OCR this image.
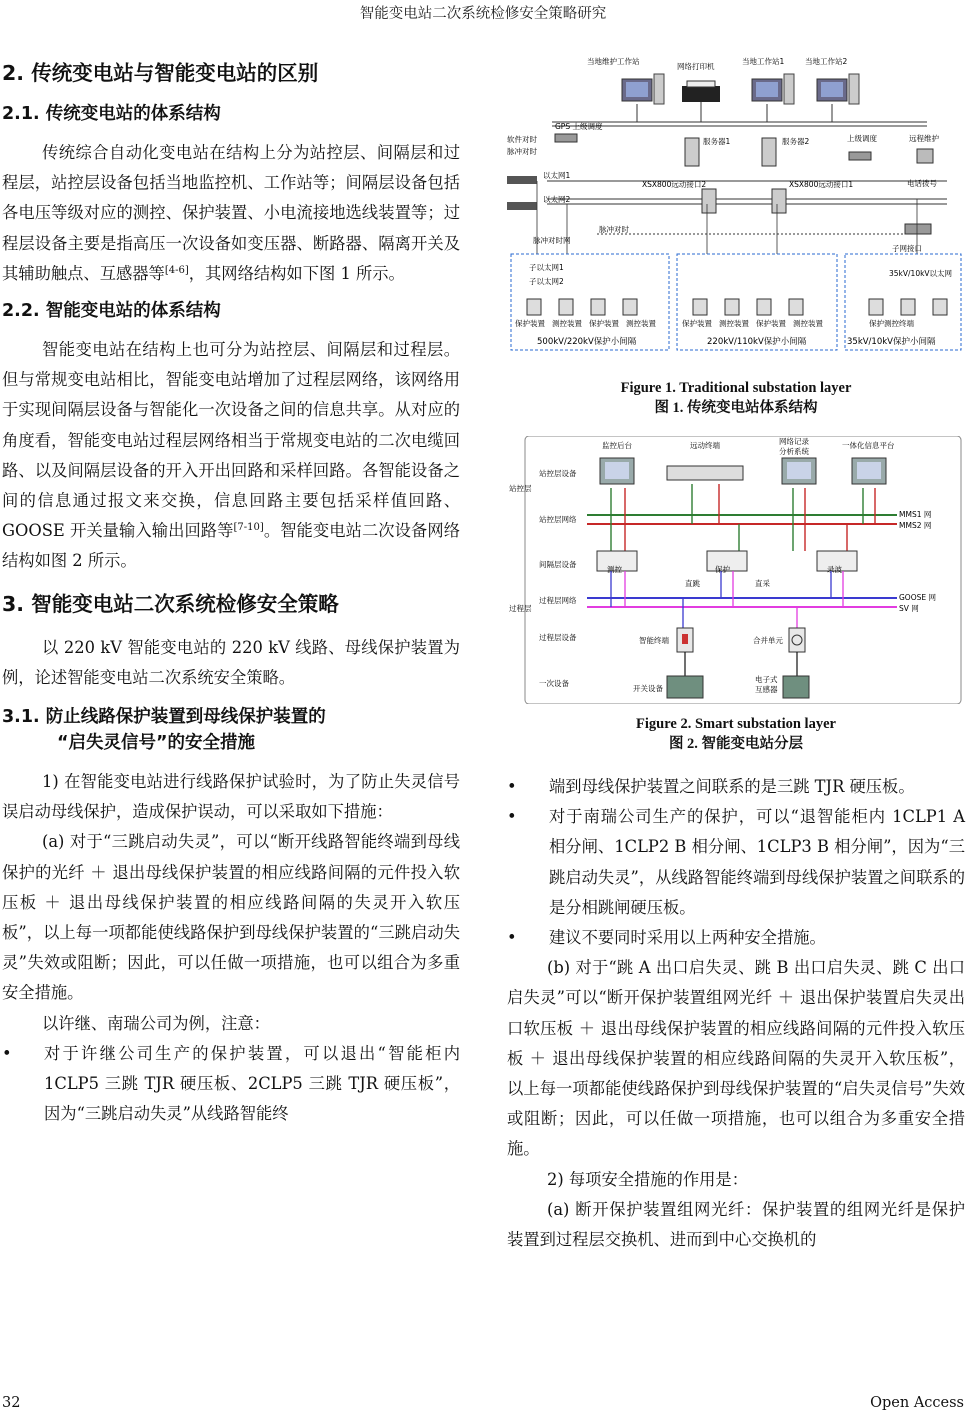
智能变电站二次系统检修安全策略研究
2. 传统变电站与智能变电站的区别
2.1. 传统变电站的体系结构

传统综合自动化变电站在结构上分为站控层、间隔层和过程层，站控层设备包括当地监控机、工作站等；间隔层设备包括各电压等级对应的测控、保护装置、小电流接地选线装置等；过程层设备主要是指高压一次设备如变压器、断路器、隔离开关及其辅助触点、互感器等[4-6]，其网络结构如下图 1 所示。

2.2. 智能变电站的体系结构

智能变电站在结构上也可分为站控层、间隔层和过程层。但与常规变电站相比，智能变电站增加了过程层网络，该网络用于实现间隔层设备与智能化一次设备之间的信息共享。从对应的角度看，智能变电站过程层网络相当于常规变电站的二次电缆回路、以及间隔层设备的开入开出回路和采样回路。各智能设备之间的信息通过报文来交换，信息回路主要包括采样值回路、GOOSE 开关量输入输出回路等[7-10]。智能变电站二次设备网络结构如图 2 所示。

3. 智能变电站二次系统检修安全策略

以 220 kV 智能变电站的 220 kV 线路、母线保护装置为例，论述智能变电站二次系统安全策略。

3.1. 防止线路保护装置到母线保护装置的
“启失灵信号”的安全措施

1) 在智能变电站进行线路保护试验时，为了防止失灵信号误启动母线保护，造成保护误动，可以采取如下措施：

(a) 对于“三跳启动失灵”，可以“断开线路智能终端到母线保护的光纤 ＋ 退出母线保护装置的相应线路间隔的元件投入软压板 ＋ 退出母线保护装置的相应线路间隔的失灵开入软压板”，以上每一项都能使线路保护到母线保护装置的“三跳启动失灵”失效或阻断；因此，可以任做一项措施，也可以组合为多重安全措施。

以许继、南瑞公司为例，注意：

• 对于许继公司生产的保护装置，可以退出“智能柜内 1CLP5 三跳 TJR 硬压板、2CLP5 三跳 TJR 硬压板”，因为“三跳启动失灵”从线路智能终
当地维护工作站
网络打印机
当地工作站1	当地工作站2
GPS 上级调度
软件对时
脉冲对时
服务器1	服务器2	上级调度	远程维护
电话拨号
以太网1
以太网2
XSX800远动接口2	XSX800远动接口1
脉冲对时
子网接口
脉冲对时网
子以太网1
子以太网2
35kV/10kV以太网
保护装置 测控装置 保护装置 测控装置	保护装置 测控装置 保护装置 测控装置	保护测控终端
500kV/220kV保护小间隔	220kV/110kV保护小间隔	35kV/10kV保护小间隔
Figure 1. Traditional substation layer
图 1. 传统变电站体系结构
站控层
过程层
站控层设备
站控层网络
间隔层设备
过程层网络
过程层设备
一次设备
监控后台	远动终端	网络记录
分析系统
一体化信息平台
MMS1 网
MMS2 网
测控	保护	录波
直跳	直采
GOOSE 网
SV 网
智能终端	合并单元
开关设备
电子式
互感器
Figure 2. Smart substation layer
图 2. 智能变电站分层
• 端到母线保护装置之间联系的是三跳 TJR 硬压板。
• 对于南瑞公司生产的保护，可以“退智能柜内 1CLP1 A 相分闸、1CLP2 B 相分闸、1CLP3 B 相分闸”，因为“三跳启动失灵”，从线路智能终端到母线保护装置之间联系的是分相跳闸硬压板。
• 建议不要同时采用以上两种安全措施。

(b) 对于“跳 A 出口启失灵、跳 B 出口启失灵、跳 C 出口启失灵”可以“断开保护装置组网光纤 ＋ 退出保护装置启失灵出口软压板 ＋ 退出母线保护装置的相应线路间隔的元件投入软压板 ＋ 退出母线保护装置的相应线路间隔的失灵开入软压板”，以上每一项都能使线路保护到母线保护装置的“启失灵信号”失效或阻断；因此，可以任做一项措施，也可以组合为多重安全措施。

2) 每项安全措施的作用是：

(a) 断开保护装置组网光纤：保护装置的组网光纤是保护装置到过程层交换机、进而到中心交换机的

32	Open Access
